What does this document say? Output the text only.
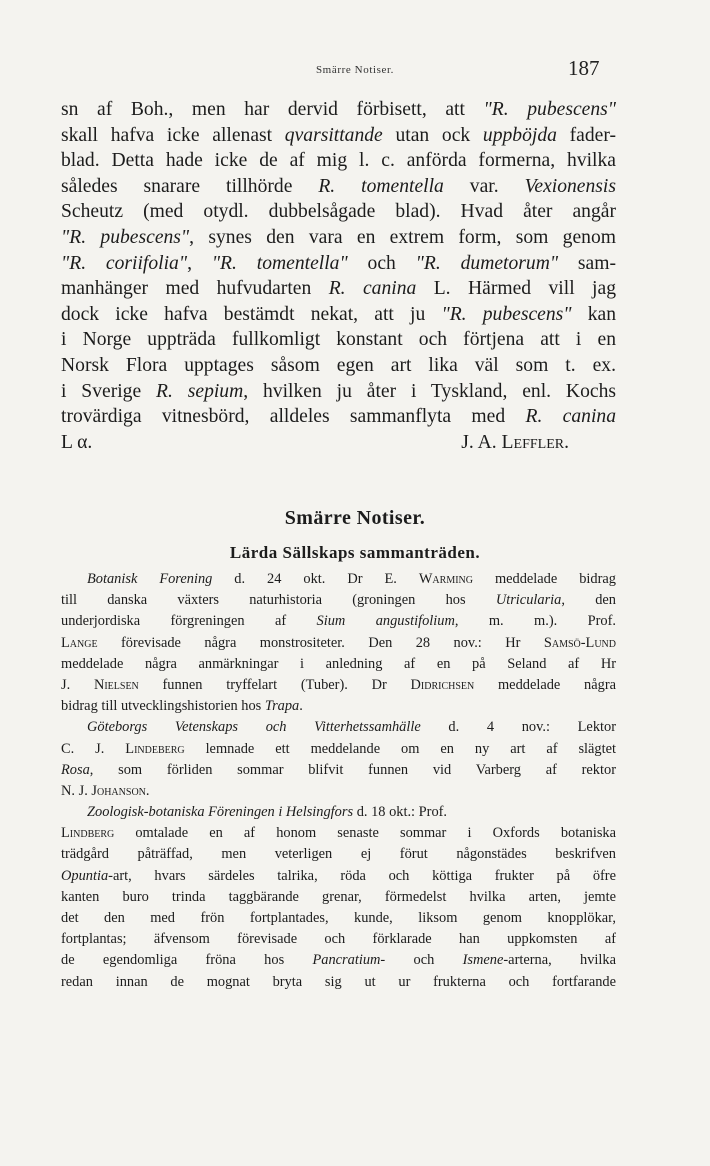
Smärre Notiser.	187
sn af Boh., men har dervid förbisett, att "R. pubescens"
skall hafva icke allenast qvarsittande utan ock uppböjda fader-
blad. Detta hade icke de af mig l. c. anförda formerna, hvilka
således snarare tillhörde R. tomentella var. Vexionensis
Scheutz (med otydl. dubbelsågade blad). Hvad åter angår
"R. pubescens", synes den vara en extrem form, som genom
"R. coriifolia", "R. tomentella" och "R. dumetorum" sam-
manhänger med hufvudarten R. canina L. Härmed vill jag
dock icke hafva bestämdt nekat, att ju "R. pubescens" kan
i Norge uppträda fullkomligt konstant och förtjena att i en
Norsk Flora upptages såsom egen art lika väl som t. ex.
i Sverige R. sepium, hvilken ju åter i Tyskland, enl. Kochs
trovärdiga vitnesbörd, alldeles sammanflyta med R. canina
L α.	J. A. Leffler.
Smärre Notiser.
Lärda Sällskaps sammanträden.
Botanisk Forening d. 24 okt. Dr E. Warming meddelade bidrag
till danska växters naturhistoria (groningen hos Utricularia, den
underjordiska förgreningen af Sium angustifolium, m. m.). Prof.
Lange förevisade några monstrositeter. Den 28 nov.: Hr Samsö-Lund
meddelade några anmärkningar i anledning af en på Seland af Hr
J. Nielsen funnen tryffelart (Tuber). Dr Didrichsen meddelade några
bidrag till utvecklingshistorien hos Trapa.
Göteborgs Vetenskaps och Vitterhetssamhälle d. 4 nov.: Lektor
C. J. Lindeberg lemnade ett meddelande om en ny art af slägtet
Rosa, som förliden sommar blifvit funnen vid Varberg af rektor
N. J. Johanson.
Zoologisk-botaniska Föreningen i Helsingfors d. 18 okt.: Prof.
Lindberg omtalade en af honom senaste sommar i Oxfords botaniska
trädgård påträffad, men veterligen ej förut någonstädes beskrifven
Opuntia-art, hvars särdeles talrika, röda och köttiga frukter på öfre
kanten buro trinda taggbärande grenar, förmedelst hvilka arten, jemte
det den med frön fortplantades, kunde, liksom genom knopplökar,
fortplantas; äfvensom förevisade och förklarade han uppkomsten af
de egendomliga fröna hos Pancratium- och Ismene-arterna, hvilka
redan innan de mognat bryta sig ut ur frukterna och fortfarande
